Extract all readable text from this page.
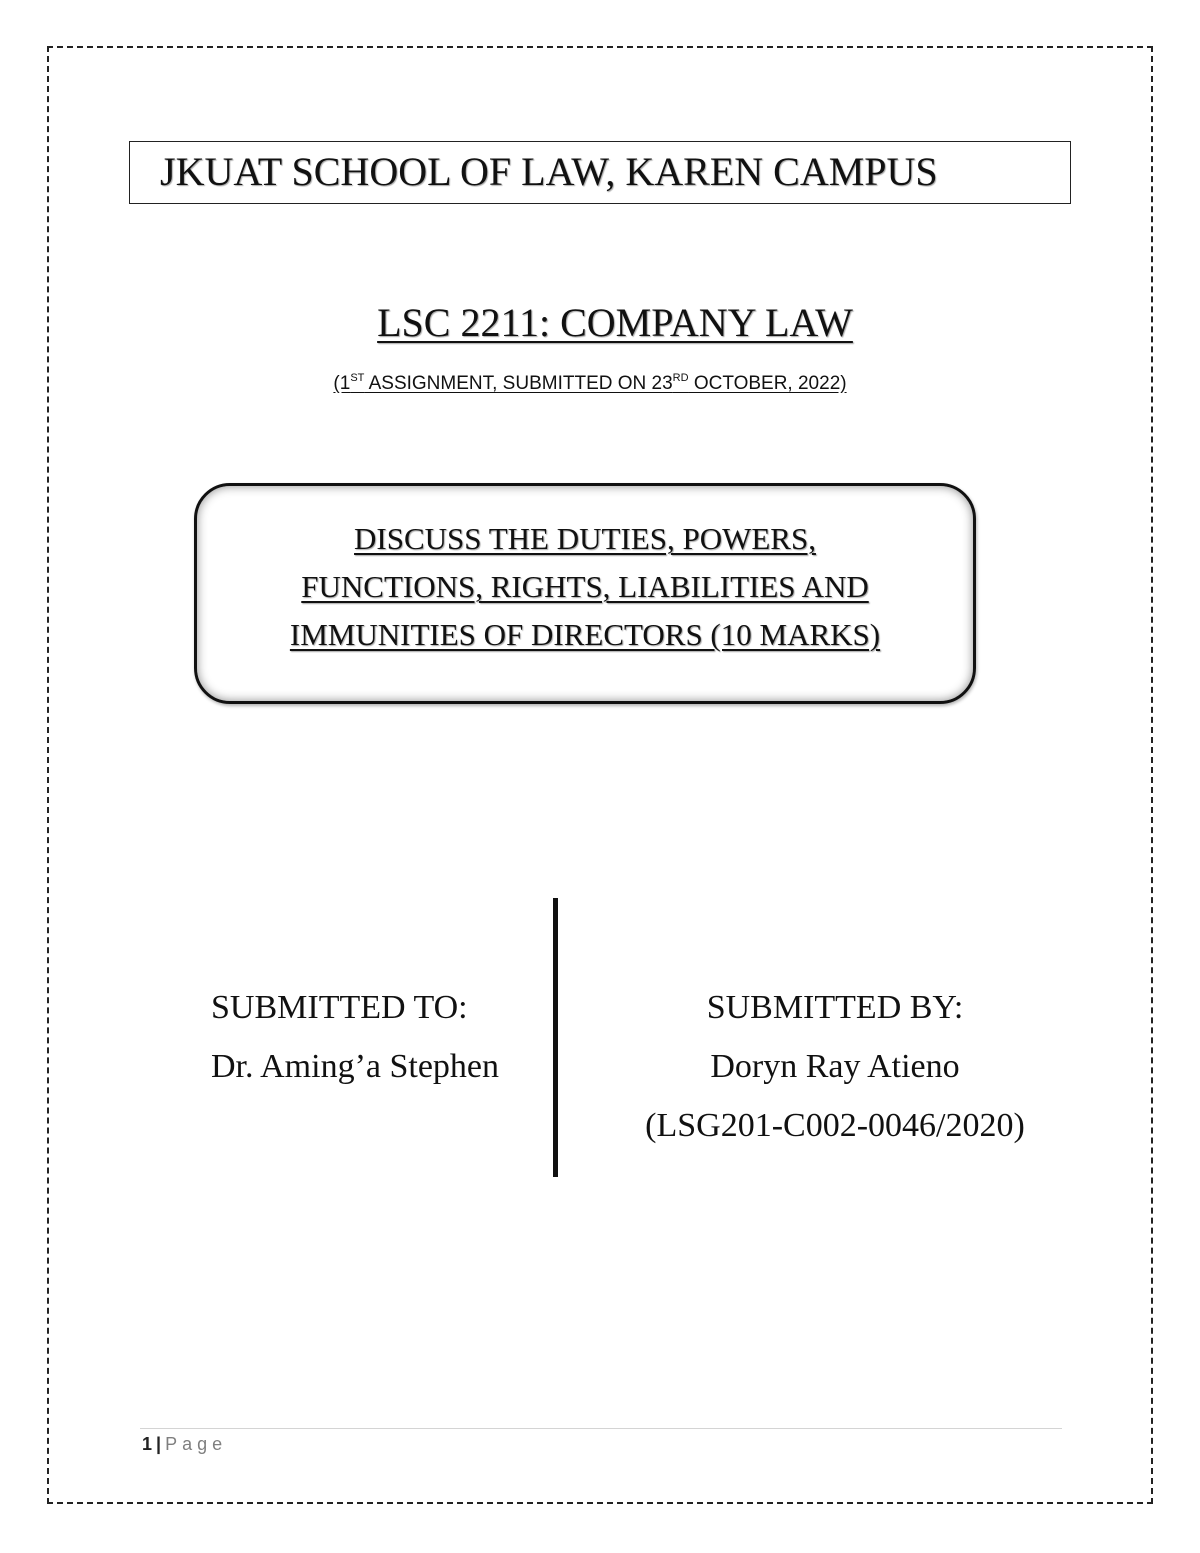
JKUAT SCHOOL OF LAW, KAREN CAMPUS
LSC 2211: COMPANY LAW

(1ST ASSIGNMENT, SUBMITTED ON 23RD OCTOBER, 2022)

DISCUSS THE DUTIES, POWERS,
FUNCTIONS, RIGHTS, LIABILITIES AND
IMMUNITIES OF DIRECTORS (10 MARKS)

SUBMITTED TO:

Dr. Aming’a Stephen

SUBMITTED BY:

Doryn Ray Atieno

(LSG201-C002-0046/2020)

1 | Page
